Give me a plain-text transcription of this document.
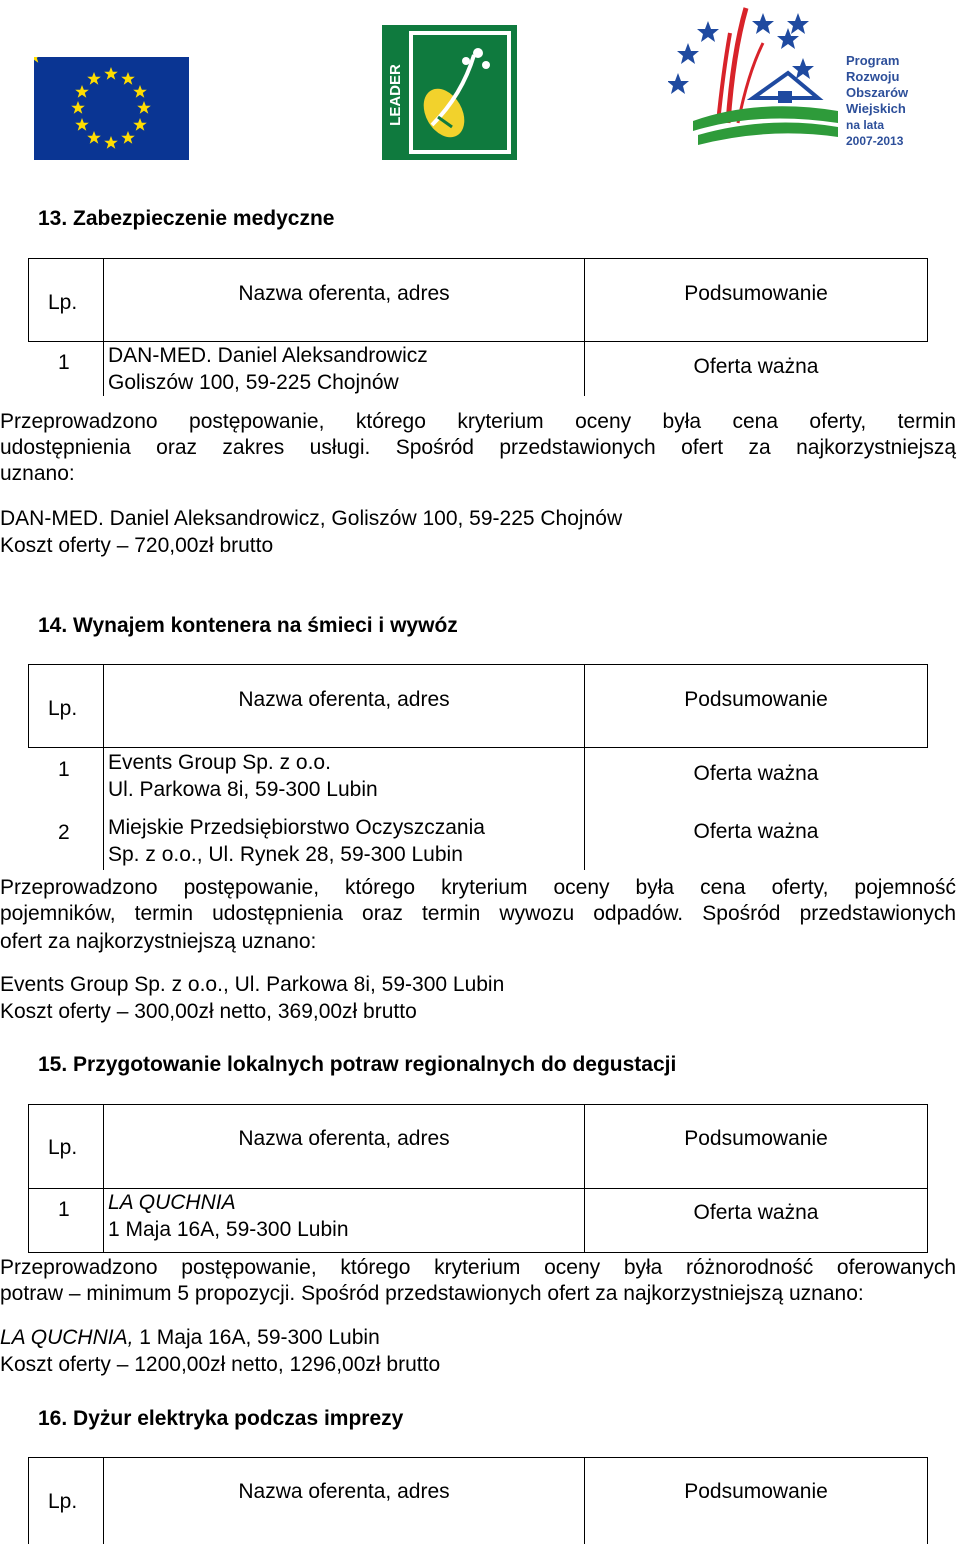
LEADER
Program
Rozwoju
Obszarów
Wiejskich
na lata 2007-2013
13. Zabezpieczenie medyczne
Lp.	Nazwa oferenta, adres	Podsumowanie
1 DAN-MED. Daniel Aleksandrowicz
Goliszów 100, 59-225 Chojnów
Oferta ważna
Przeprowadzono postępowanie, którego kryterium oceny była cena oferty, termin
udostępnienia oraz zakres usługi. Spośród przedstawionych ofert za najkorzystniejszą
uznano:
DAN-MED. Daniel Aleksandrowicz, Goliszów 100, 59-225 Chojnów
Koszt oferty – 720,00zł brutto
14. Wynajem kontenera na śmieci i wywóz
Lp.	Nazwa oferenta, adres	Podsumowanie
1 Events Group Sp. z o.o.
Ul. Parkowa 8i, 59-300 Lubin
Oferta ważna
2 Miejskie Przedsiębiorstwo Oczyszczania
Sp. z o.o., Ul. Rynek 28, 59-300 Lubin
Oferta ważna
Przeprowadzono postępowanie, którego kryterium oceny była cena oferty, pojemność
pojemników, termin udostępnienia oraz termin wywozu odpadów. Spośród przedstawionych
ofert za najkorzystniejszą uznano:
Events Group Sp. z o.o., Ul. Parkowa 8i, 59-300 Lubin
Koszt oferty – 300,00zł netto, 369,00zł brutto
15. Przygotowanie lokalnych potraw regionalnych do degustacji
Lp.	Nazwa oferenta, adres	Podsumowanie
1 LA QUCHNIA
1 Maja 16A, 59-300 Lubin
Oferta ważna
Przeprowadzono postępowanie, którego kryterium oceny była różnorodność oferowanych
potraw – minimum 5 propozycji. Spośród przedstawionych ofert za najkorzystniejszą uznano:
LA QUCHNIA, 1 Maja 16A, 59-300 Lubin
Koszt oferty – 1200,00zł netto, 1296,00zł brutto
16. Dyżur elektryka podczas imprezy
Lp.	Nazwa oferenta, adres	Podsumowanie
